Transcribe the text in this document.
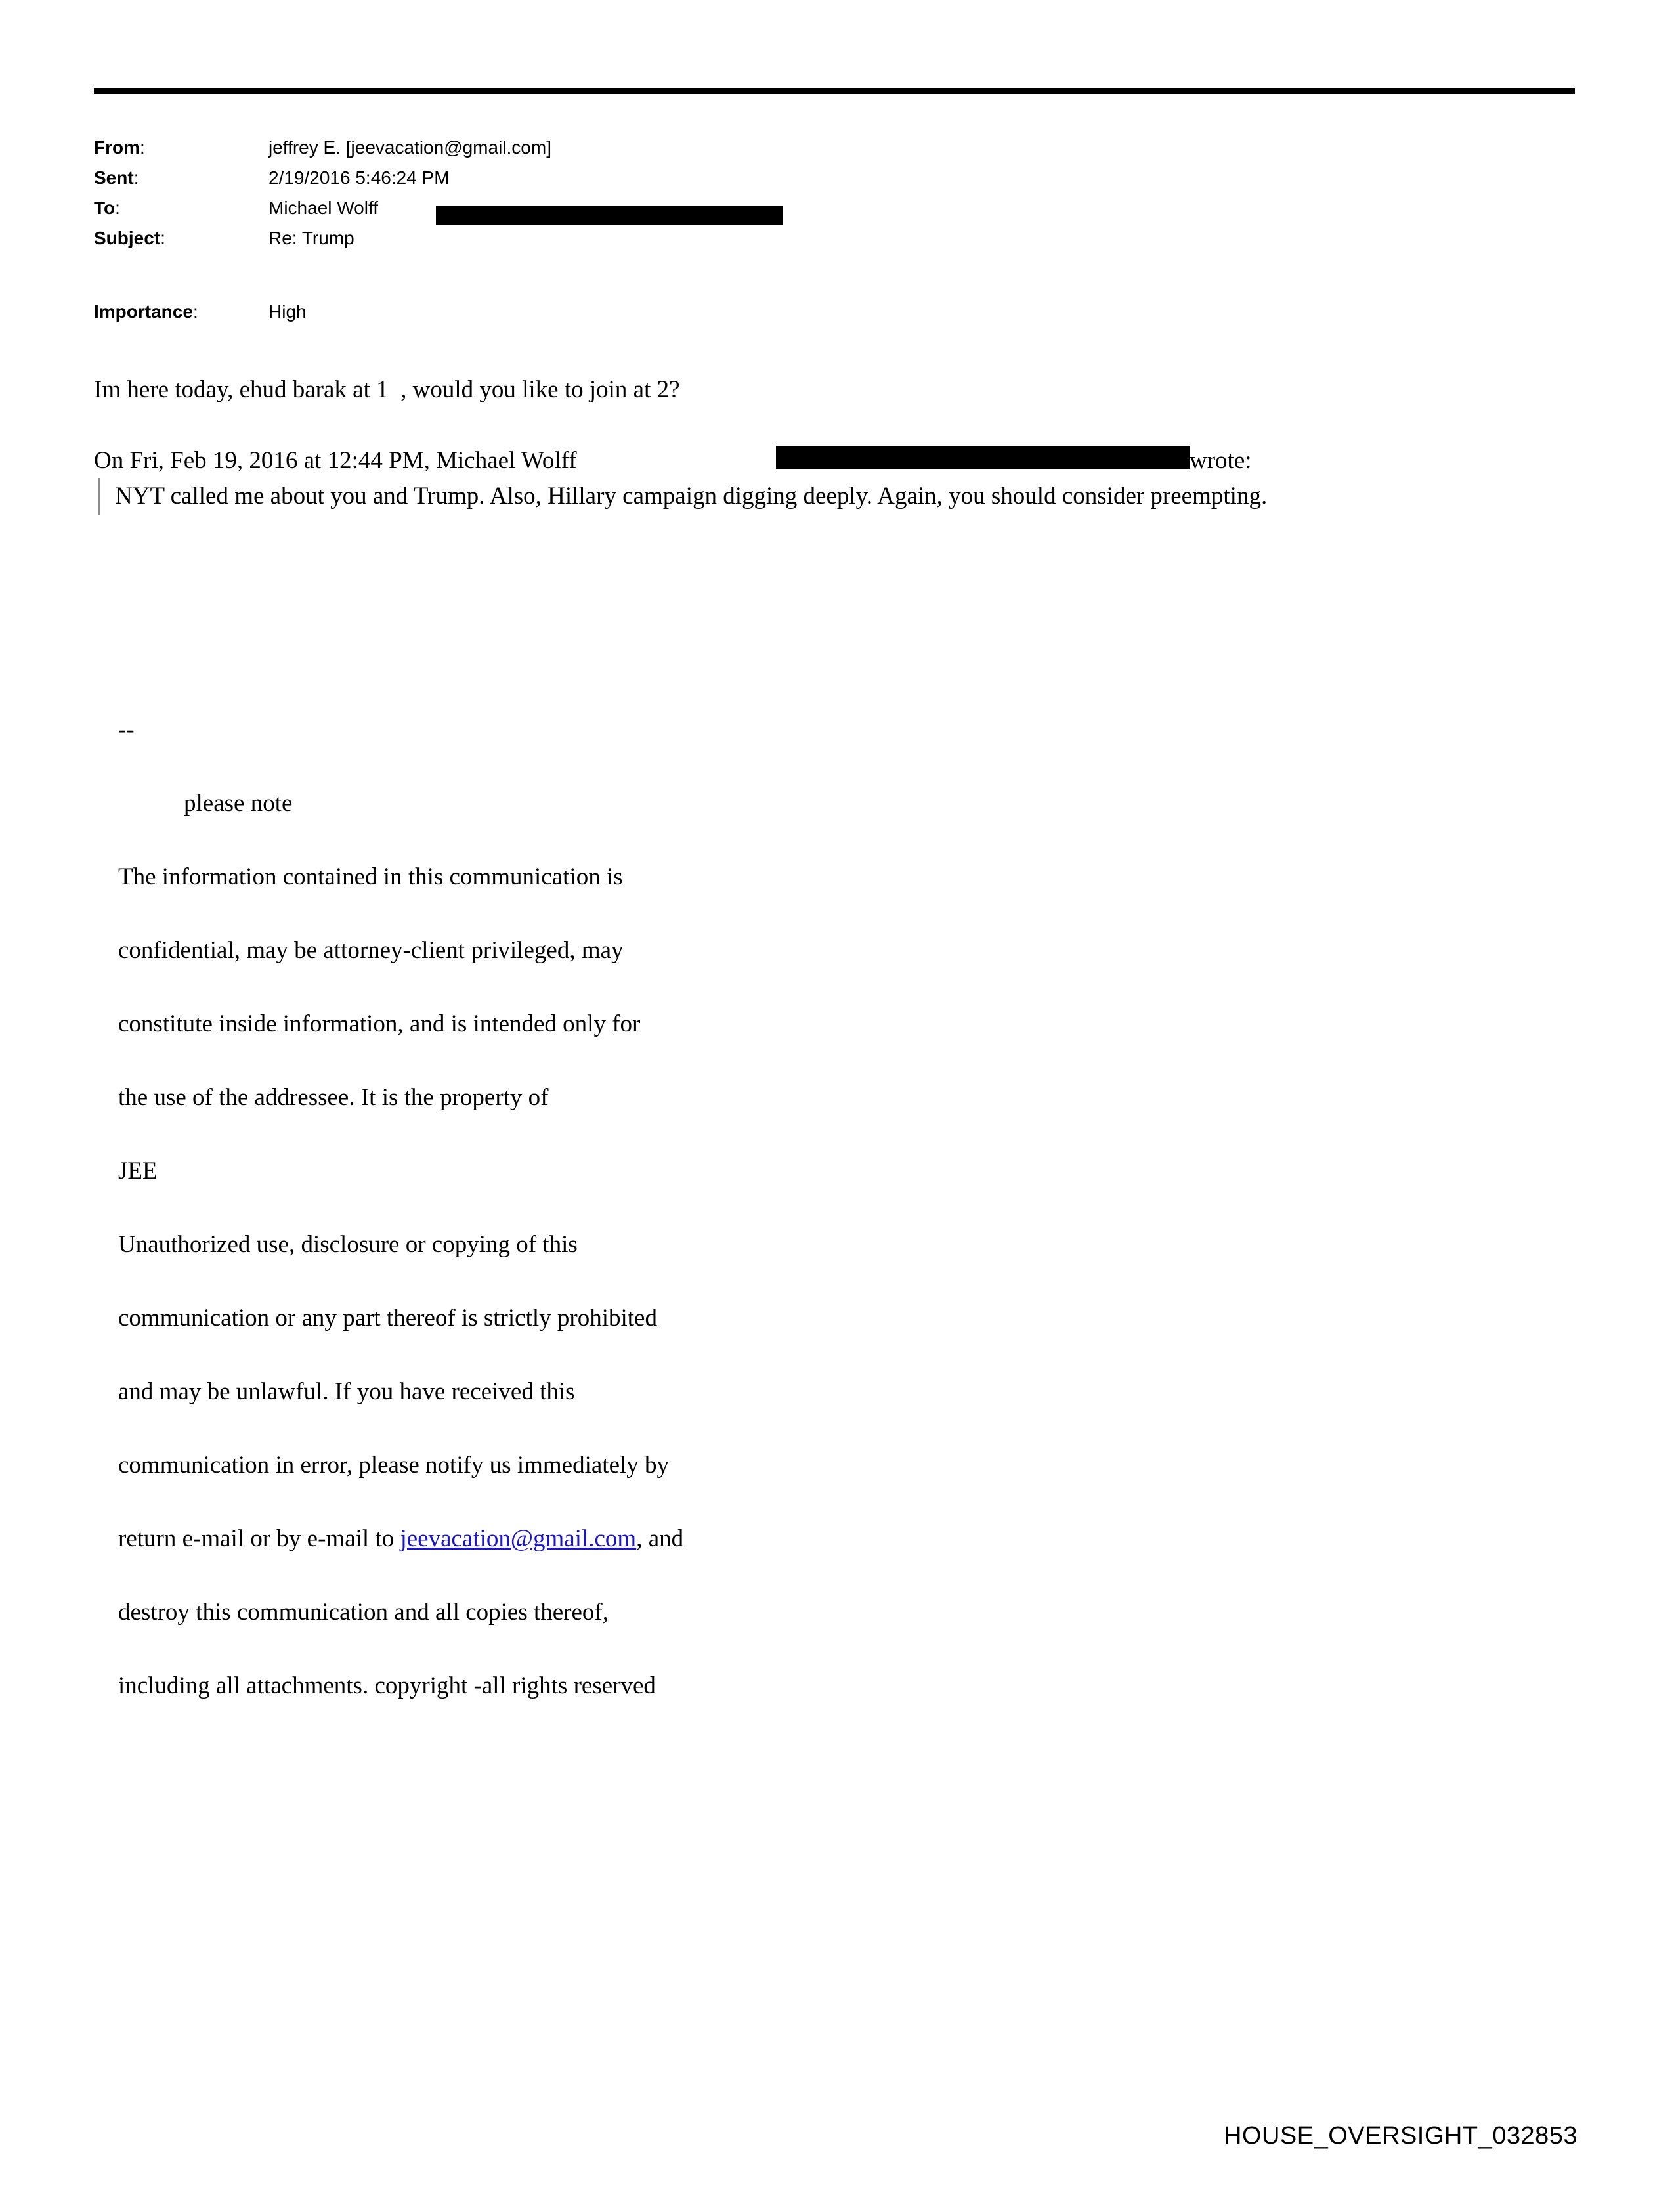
From:	jeffrey E. [jeevacation@gmail.com]
Sent:	2/19/2016 5:46:24 PM
To:	Michael Wolff
Subject:	Re: Trump
Importance:	High
Im here today, ehud barak at 1  , would you like to join at 2?
On Fri, Feb 19, 2016 at 12:44 PM, Michael Wolff	wrote:
NYT called me about you and Trump. Also, Hillary campaign digging deeply. Again, you should consider preempting.

--

please note

The information contained in this communication is

confidential, may be attorney-client privileged, may

constitute inside information, and is intended only for

the use of the addressee. It is the property of

JEE

Unauthorized use, disclosure or copying of this

communication or any part thereof is strictly prohibited

and may be unlawful. If you have received this

communication in error, please notify us immediately by

return e-mail or by e-mail to jeevacation@gmail.com, and

destroy this communication and all copies thereof,

including all attachments. copyright -all rights reserved

HOUSE_OVERSIGHT_032853
